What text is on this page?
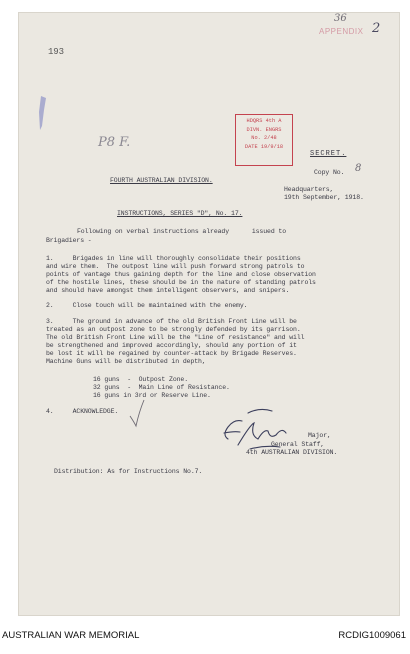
193
36
APPENDIX 2
P8 F.
HDQRS 4th A
DIVN. ENGRS
No. 2/48
DATE 19/9/18
SECRET.
Copy No. 8
FOURTH AUSTRALIAN DIVISION.
Headquarters,
19th September, 1918.
INSTRUCTIONS, SERIES "D", No. 17.
Following on verbal instructions already      issued to
Brigadiers -
1.     Brigades in line will thoroughly consolidate their positions
and wire them.  The outpost line will push forward strong patrols to
points of vantage thus gaining depth for the line and close observation
of the hostile lines, these should be in the nature of standing patrols
and should have amongst them intelligent observers, and snipers.
2.     Close touch will be maintained with the enemy.
3.     The ground in advance of the old British Front Line will be
treated as an outpost zone to be strongly defended by its garrison.
The old British Front Line will be the "Line of resistance" and will
be strengthened and improved accordingly, should any portion of it
be lost it will be regained by counter-attack by Brigade Reserves.
Machine Guns will be distributed in depth,
16 guns  -  Outpost Zone.
32 guns  -  Main Line of Resistance.
16 guns in 3rd or Reserve Line.
4.     ACKNOWLEDGE.
Major,
General Staff,
4th AUSTRALIAN DIVISION.
Distribution: As for Instructions No.7.
AUSTRALIAN WAR MEMORIAL	RCDIG1009061
